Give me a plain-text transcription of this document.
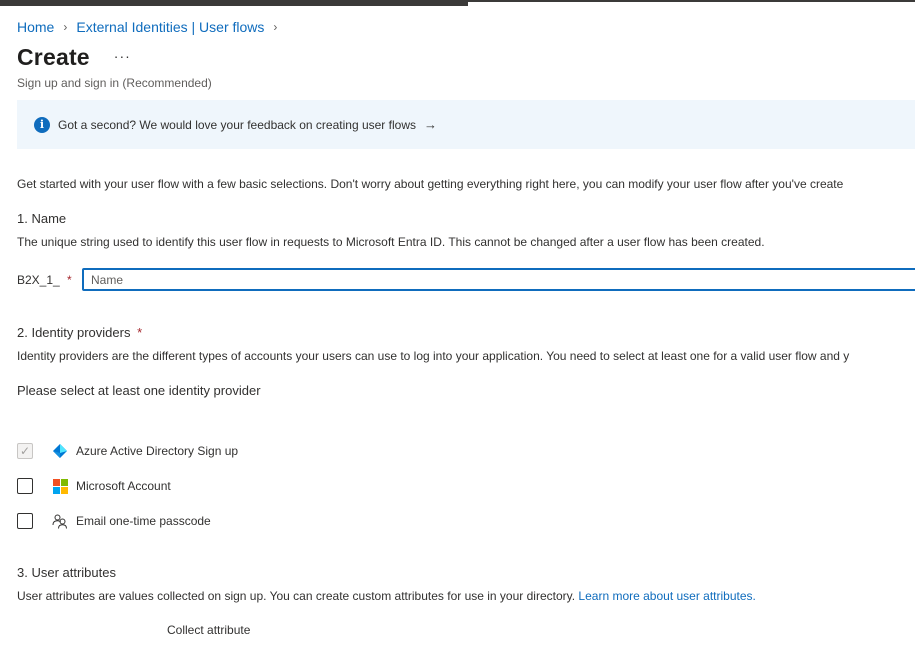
Home › External Identities | User flows ›
Create ···
Sign up and sign in (Recommended)
i	Got a second? We would love your feedback on creating user flows →
Get started with your user flow with a few basic selections. Don't worry about getting everything right here, you can modify your user flow after you've create
1. Name
The unique string used to identify this user flow in requests to Microsoft Entra ID. This cannot be changed after a user flow has been created.
B2X_1_ *
Name
2. Identity providers *
Identity providers are the different types of accounts your users can use to log into your application. You need to select at least one for a valid user flow and y
Please select at least one identity provider
✓	Azure Active Directory Sign up
Microsoft Account
Email one-time passcode
3. User attributes
User attributes are values collected on sign up. You can create custom attributes for use in your directory. Learn more about user attributes.
Collect attribute
